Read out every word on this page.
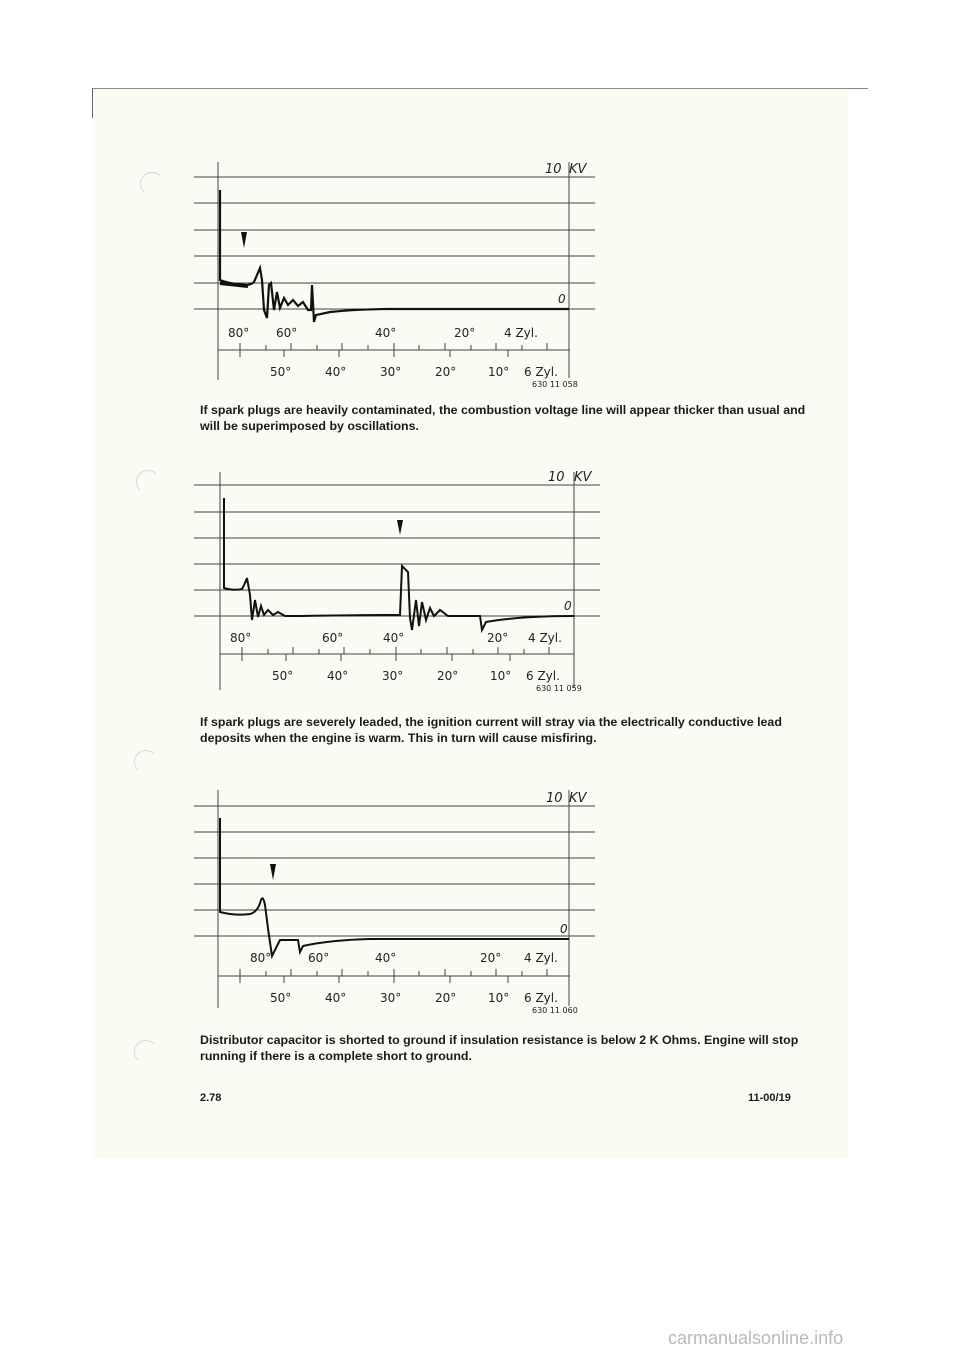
10 KV
0
80° 60°	40°	20° 4 Zyl.
50°	40°	30°	20°	10° 6 Zyl.
630 11 058
If spark plugs are heavily contaminated, the combustion voltage line will appear thicker than usual and will be superimposed by oscillations.
10 KV
0
80°	60°	40°	20° 4 Zyl.
50°	40°	30°	20°	10° 6 Zyl.
630 11 059
If spark plugs are severely leaded, the ignition current will stray via the electrically conductive lead deposits when the engine is warm. This in turn will cause misfiring.
10 KV
0
80°	60°	40°	20° 4 Zyl.
50°	40°	30°	20°	10° 6 Zyl.
630 11 060
Distributor capacitor is shorted to ground if insulation resistance is below 2 K Ohms. Engine will stop running if there is a complete short to ground.
2.78	11-00/19
carmanualsonline.info
